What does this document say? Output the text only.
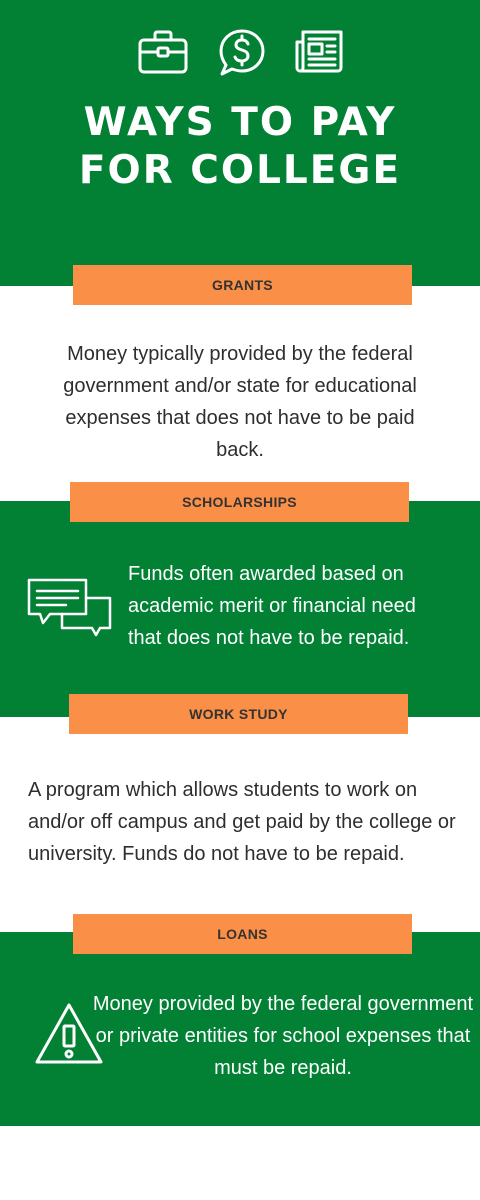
WAYS TO PAY
FOR COLLEGE
GRANTS
Money typically provided by the federal government and/or state for educational expenses that does not have to be paid back.
SCHOLARSHIPS
Funds often awarded based on academic merit or financial need that does not have to be repaid.
WORK STUDY
A program which allows students to work on and/or off campus and get paid by the college or university. Funds do not have to be repaid.
LOANS
Money provided by the federal government or private entities for school expenses that must be repaid.
